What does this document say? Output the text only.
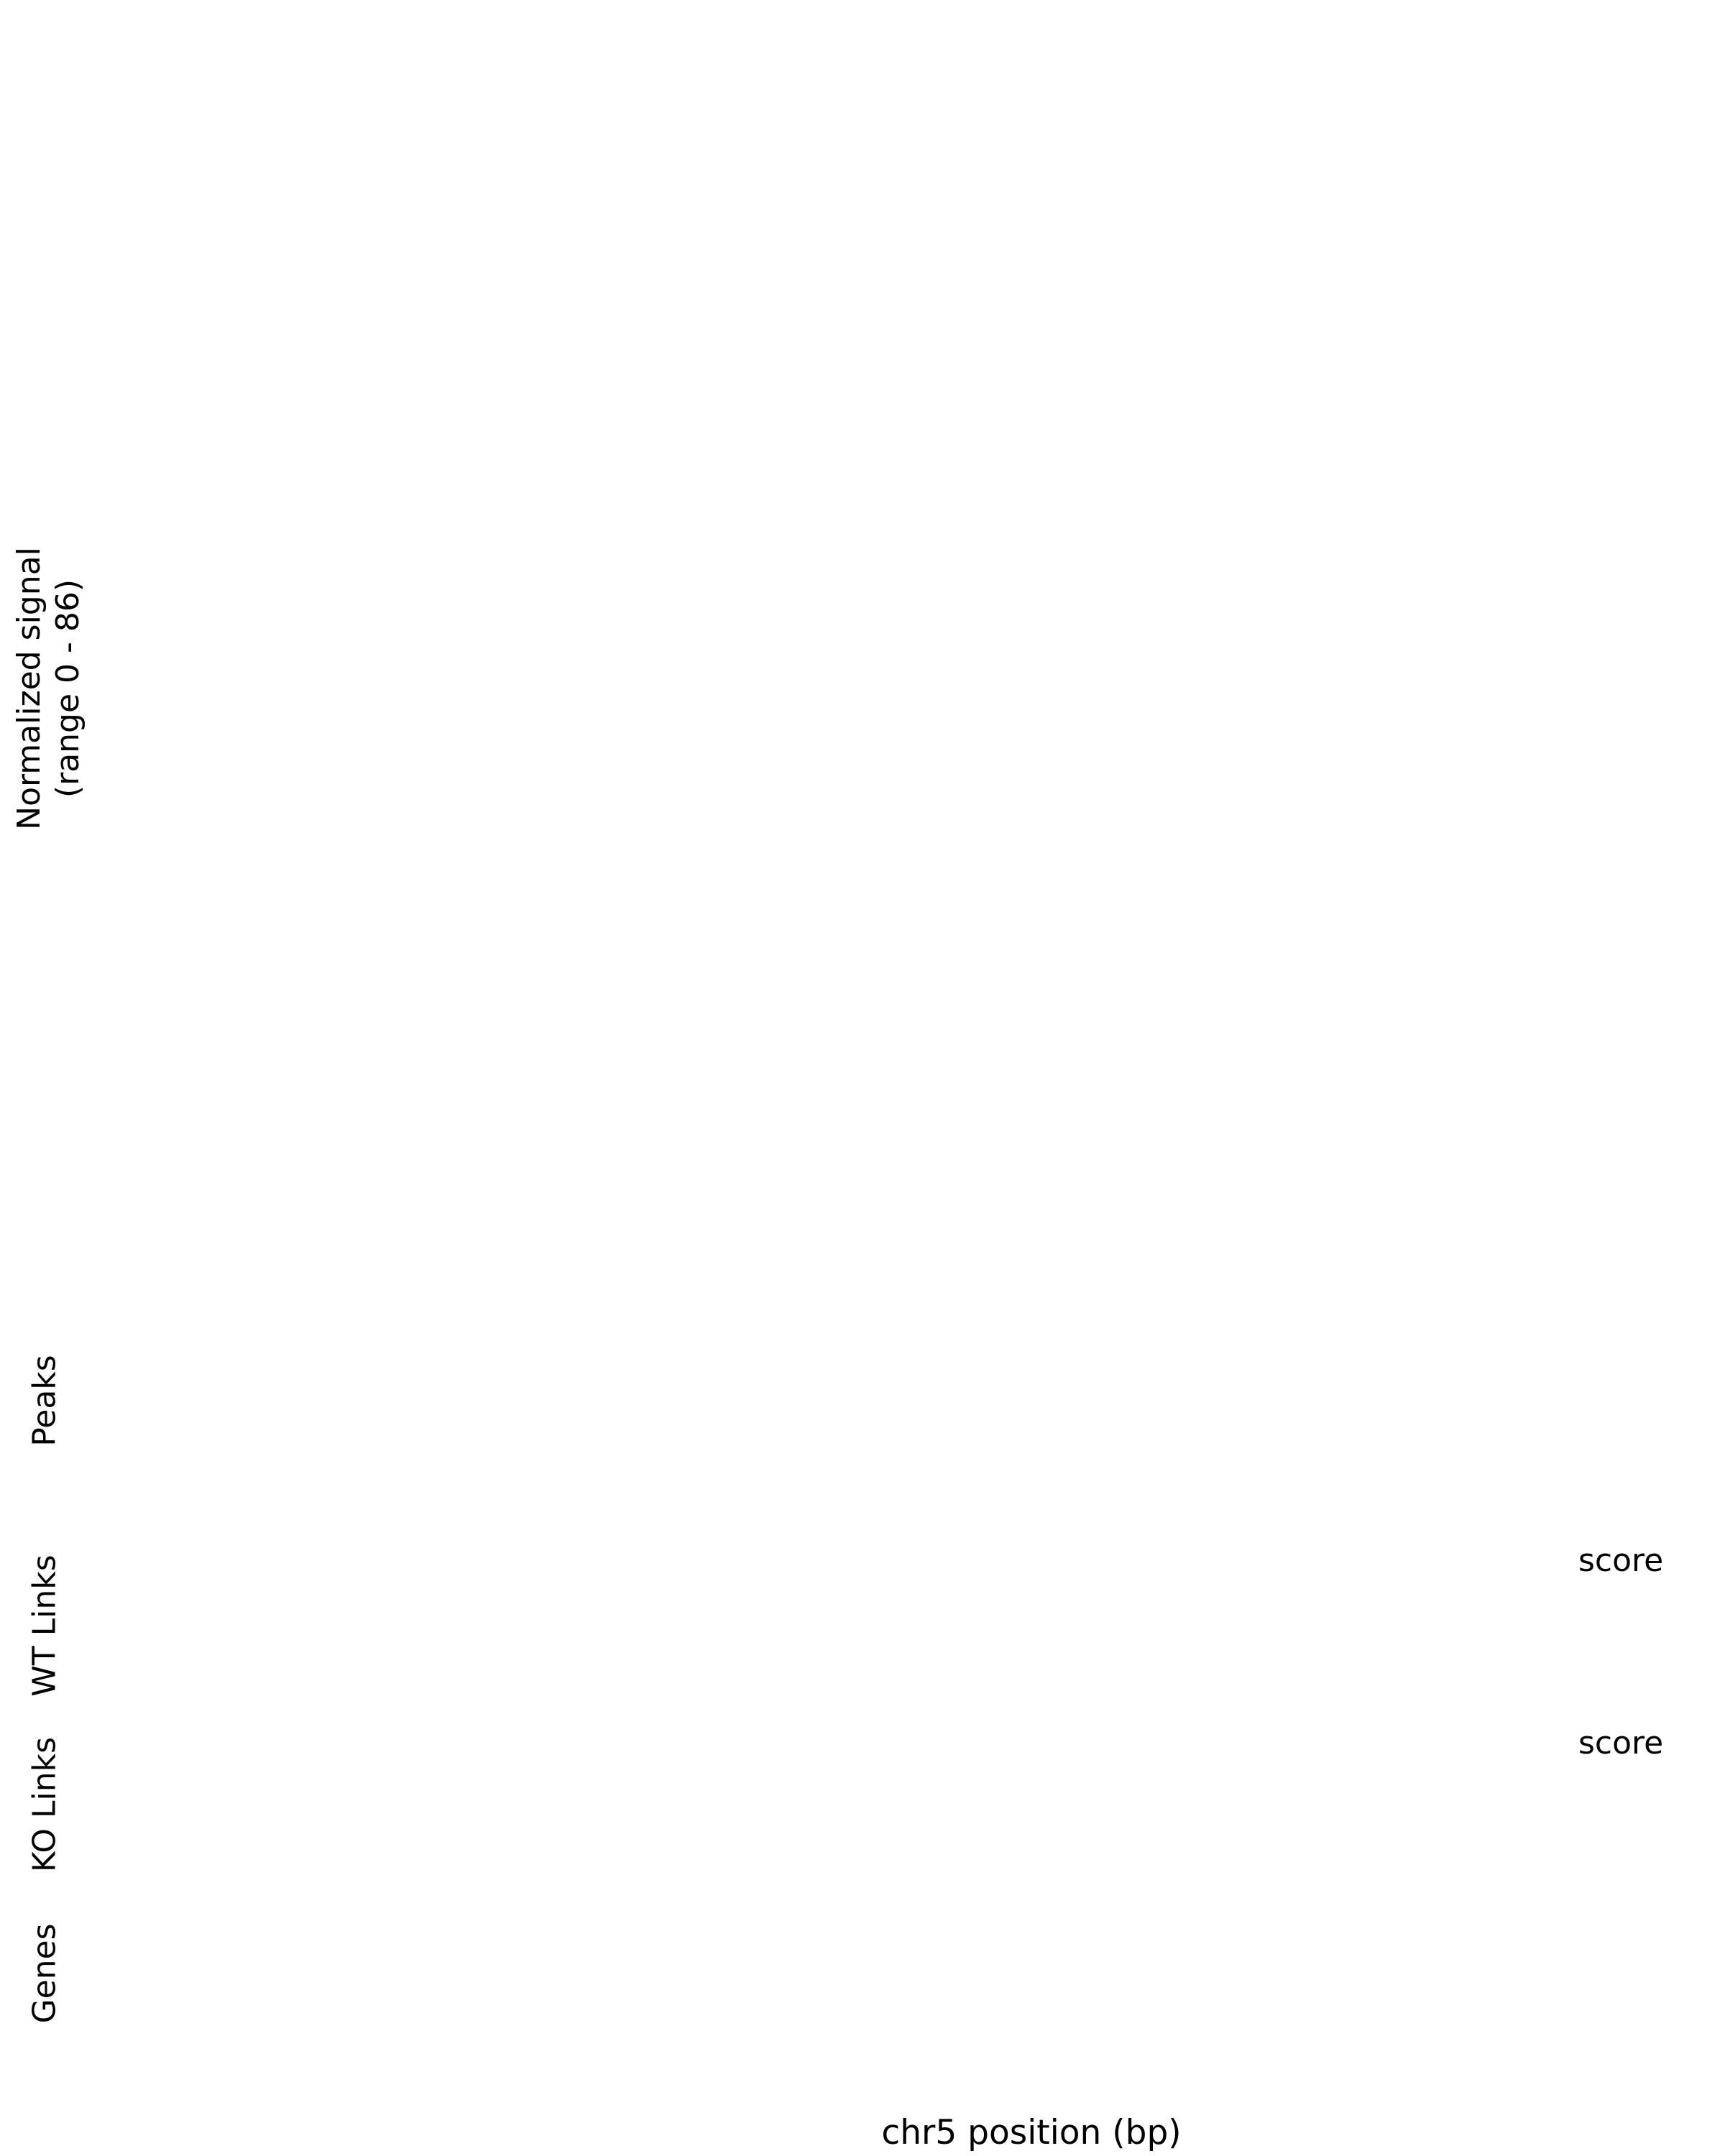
Normalized signal (range 0 - 86)
Peaks
WT Links
KO Links
Genes
score
score
chr5 position (bp)
